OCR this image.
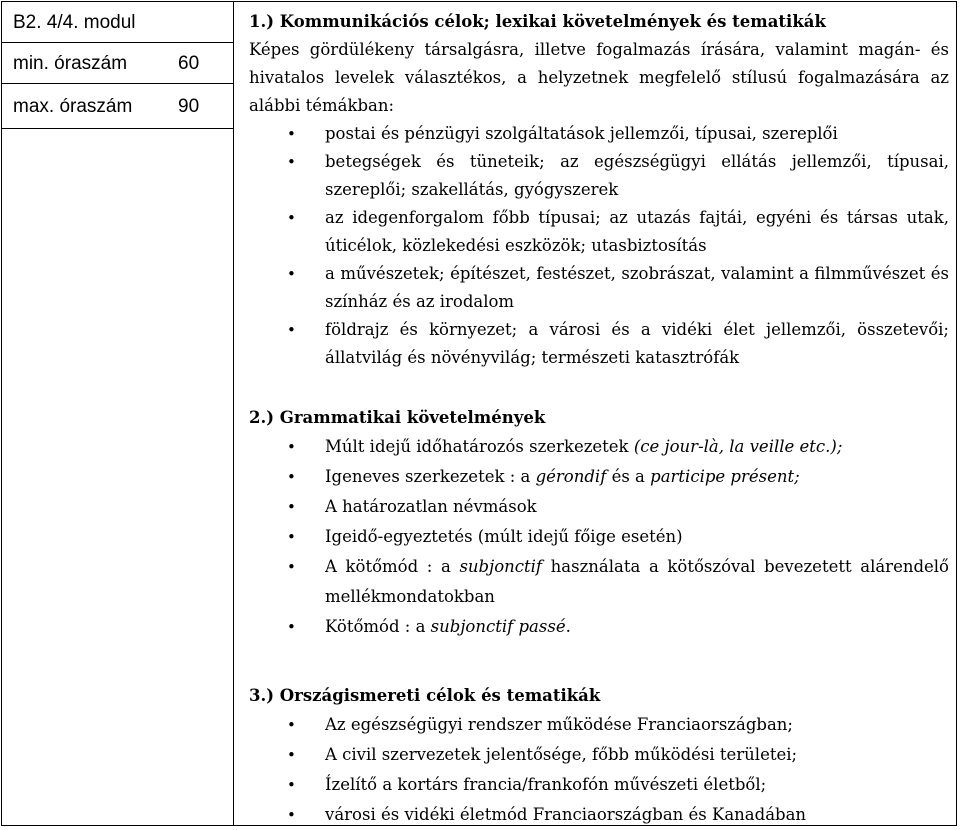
B2. 4/4. modul
min. óraszám	60
max. óraszám 90
1.) Kommunikációs célok; lexikai követelmények és tematikák

Képes gördülékeny társalgásra, illetve fogalmazás írására, valamint magán- és hivatalos levelek választékos, a helyzetnek megfelelő stílusú fogalmazására az alábbi témákban:

• postai és pénzügyi szolgáltatások jellemzői, típusai, szereplői
• betegségek és tüneteik; az egészségügyi ellátás jellemzői, típusai, szereplői; szakellátás, gyógyszerek
• az idegenforgalom főbb típusai; az utazás fajtái, egyéni és társas utak, úticélok, közlekedési eszközök; utasbiztosítás
• a művészetek; építészet, festészet, szobrászat, valamint a filmművészet és színház és az irodalom
• földrajz és környezet; a városi és a vidéki élet jellemzői, összetevői; állatvilág és növényvilág; természeti katasztrófák
2.) Grammatikai követelmények
• Múlt idejű időhatározós szerkezetek (ce jour-là, la veille etc.);
• Igeneves szerkezetek : a gérondif és a participe présent;
• A határozatlan névmások
• Igeidő-egyeztetés (múlt idejű főige esetén)
• A kötőmód : a subjonctif használata a kötőszóval bevezetett alárendelő mellékmondatokban
• Kötőmód : a subjonctif passé.
3.) Országismereti célok és tematikák
• Az egészségügyi rendszer működése Franciaországban;
• A civil szervezetek jelentősége, főbb működési területei;
• Ízelítő a kortárs francia/frankofón művészeti életből;
• városi és vidéki életmód Franciaországban és Kanadában
